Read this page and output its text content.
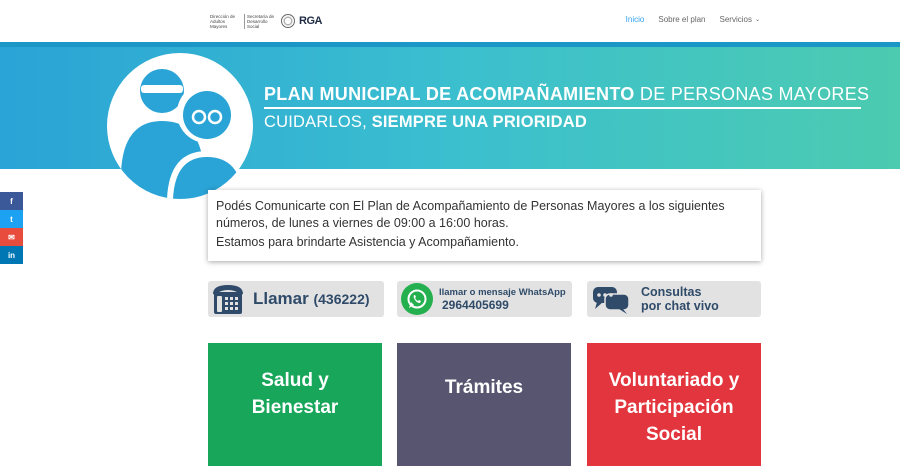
Dirección de Adultos Mayores
Secretaría de Desarrollo Social	RGA	Inicio Sobre el plan Servicios ⌄
PLAN MUNICIPAL DE ACOMPAÑAMIENTO DE PERSONAS MAYORES
CUIDARLOS, SIEMPRE UNA PRIORIDAD
f
t
✉
in

Podés Comunicarte con El Plan de Acompañamiento de Personas Mayores a los siguientes números, de lunes a viernes de 09:00 a 16:00 horas.

Estamos para brindarte Asistencia y Acompañamiento.

Llamar (436222)	llamar o mensaje WhatsApp
2964405699
Consultas
por chat vivo
Salud y Bienestar
Trámites	Voluntariado y Participación Social
